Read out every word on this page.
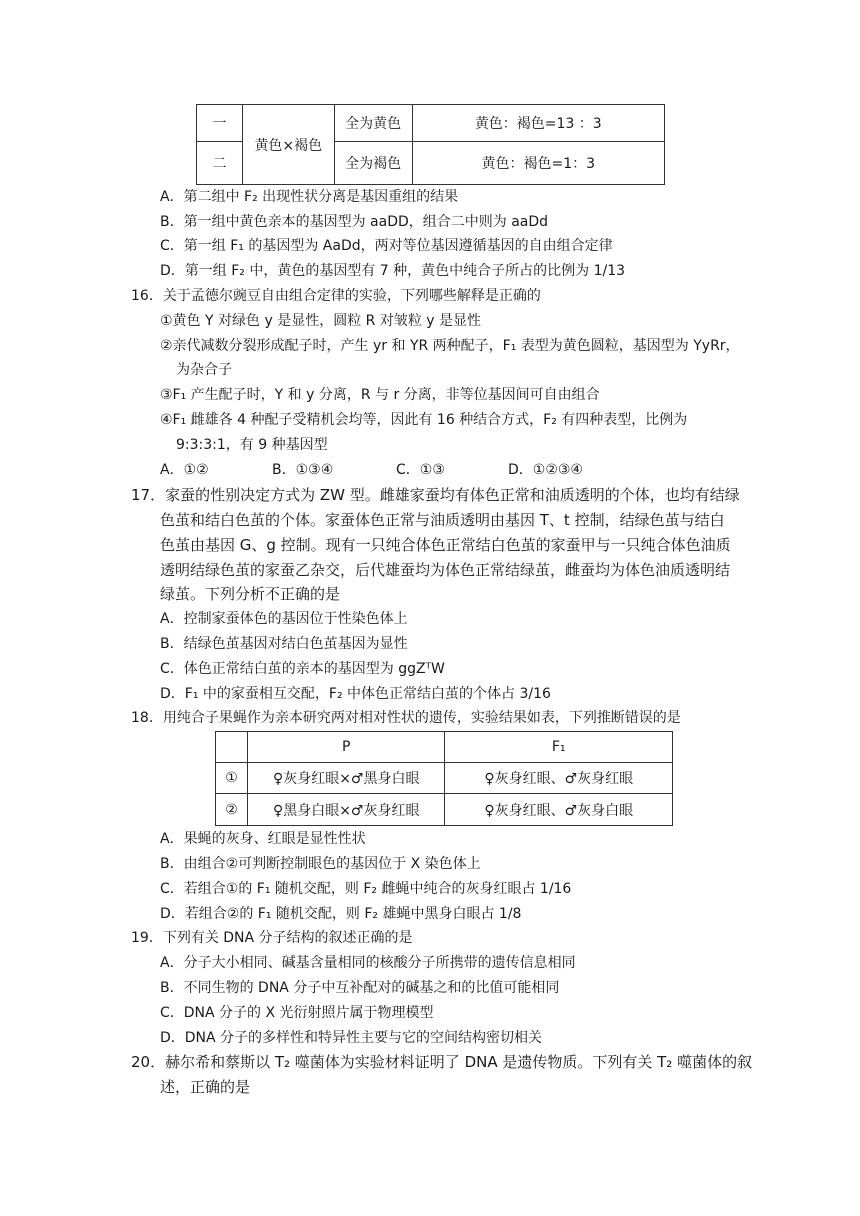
一	黄色×褐色	全为黄色	黄色：褐色=13 ：3
二		全为褐色	黄色：褐色=1：3
A．第二组中 F₂ 出现性状分离是基因重组的结果
B．第一组中黄色亲本的基因型为 aaDD，组合二中则为 aaDd
C．第一组 F₁ 的基因型为 AaDd，两对等位基因遵循基因的自由组合定律
D．第一组 F₂ 中，黄色的基因型有 7 种，黄色中纯合子所占的比例为 1/13
16．关于孟德尔豌豆自由组合定律的实验，下列哪些解释是正确的
①黄色 Y 对绿色 y 是显性，圆粒 R 对皱粒 y 是显性
②亲代减数分裂形成配子时，产生 yr 和 YR 两种配子，F₁ 表型为黄色圆粒，基因型为 YyRr，
为杂合子
③F₁ 产生配子时，Y 和 y 分离，R 与 r 分离，非等位基因间可自由组合
④F₁ 雌雄各 4 种配子受精机会均等，因此有 16 种结合方式，F₂ 有四种表型，比例为
9:3:3:1，有 9 种基因型
A．①②	B．①③④	C．①③	D．①②③④
17．家蚕的性别决定方式为 ZW 型。雌雄家蚕均有体色正常和油质透明的个体，也均有结绿
色茧和结白色茧的个体。家蚕体色正常与油质透明由基因 T、t 控制，结绿色茧与结白
色茧由基因 G、g 控制。现有一只纯合体色正常结白色茧的家蚕甲与一只纯合体色油质
透明结绿色茧的家蚕乙杂交，后代雄蚕均为体色正常结绿茧，雌蚕均为体色油质透明结
绿茧。下列分析不正确的是
A．控制家蚕体色的基因位于性染色体上
B．结绿色茧基因对结白色茧基因为显性
C．体色正常结白茧的亲本的基因型为 ggZᵀW
D．F₁ 中的家蚕相互交配，F₂ 中体色正常结白茧的个体占 3/16
18．用纯合子果蝇作为亲本研究两对相对性状的遗传，实验结果如表，下列推断错误的是
	P	F₁
①	♀灰身红眼×♂黑身白眼	♀灰身红眼、♂灰身红眼
②	♀黑身白眼×♂灰身红眼	♀灰身红眼、♂灰身白眼
A．果蝇的灰身、红眼是显性性状
B．由组合②可判断控制眼色的基因位于 X 染色体上
C．若组合①的 F₁ 随机交配，则 F₂ 雌蝇中纯合的灰身红眼占 1/16
D．若组合②的 F₁ 随机交配，则 F₂ 雄蝇中黑身白眼占 1/8
19．下列有关 DNA 分子结构的叙述正确的是
A．分子大小相同、碱基含量相同的核酸分子所携带的遗传信息相同
B．不同生物的 DNA 分子中互补配对的碱基之和的比值可能相同
C．DNA 分子的 X 光衍射照片属于物理模型
D．DNA 分子的多样性和特异性主要与它的空间结构密切相关
20．赫尔希和蔡斯以 T₂ 噬菌体为实验材料证明了 DNA 是遗传物质。下列有关 T₂ 噬菌体的叙
述，正确的是
